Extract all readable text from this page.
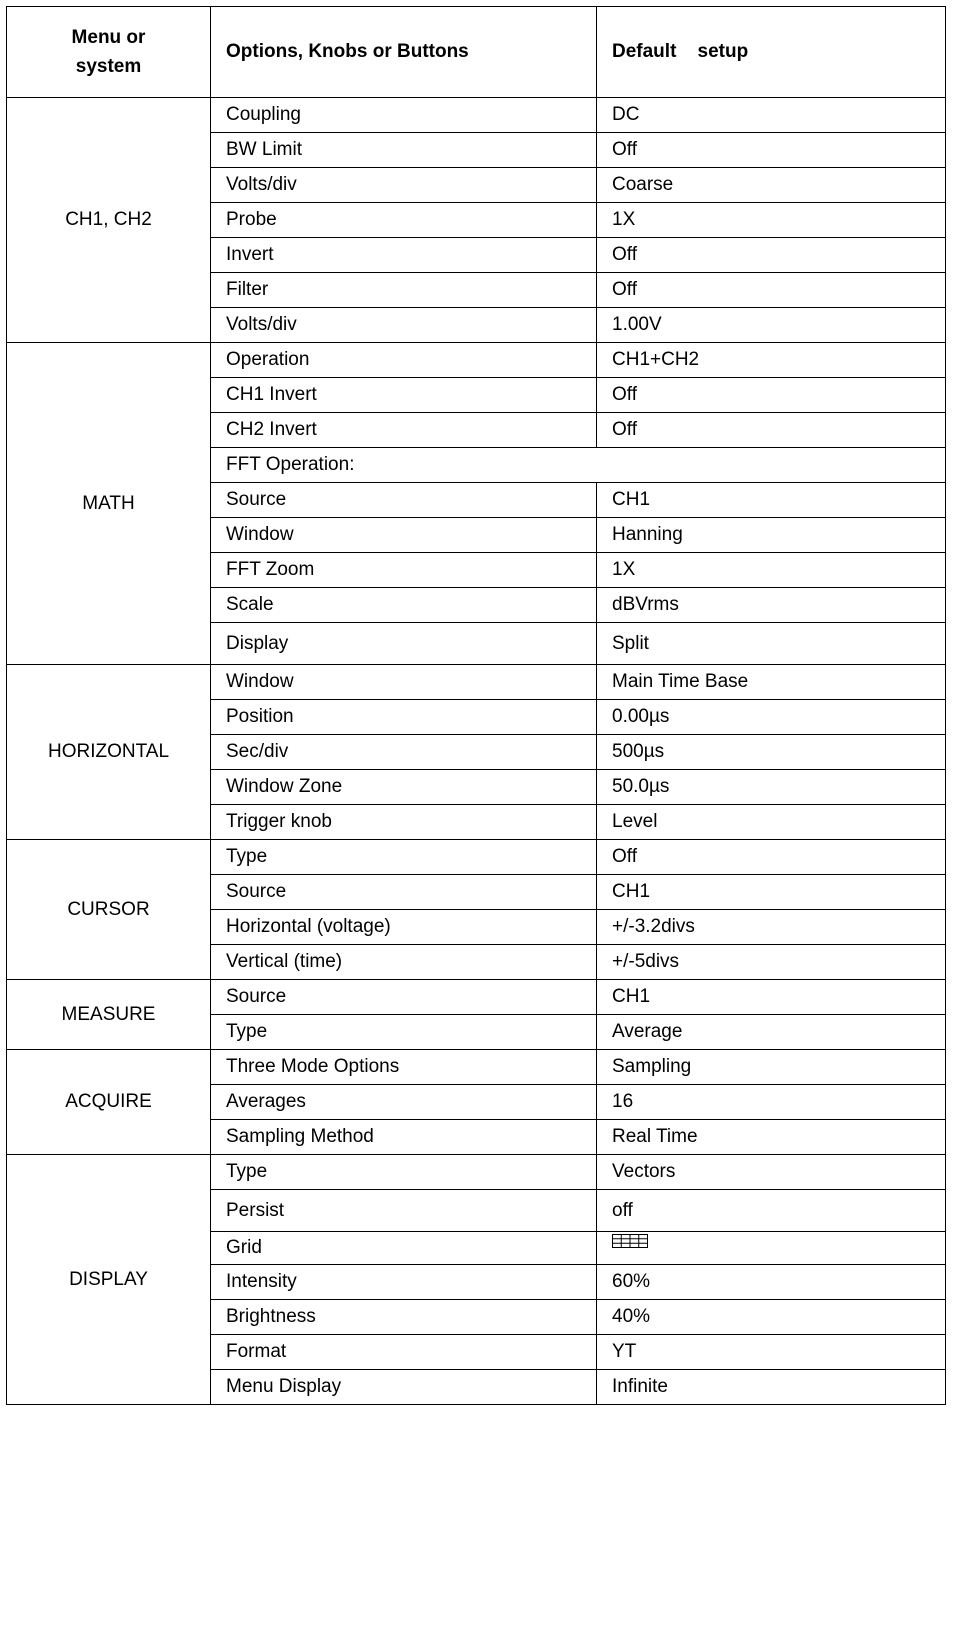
Menu or
system	Options, Knobs or Buttons	Default    setup
CH1, CH2	Coupling	DC
	BW Limit	Off
	Volts/div	Coarse
	Probe	1X
	Invert	Off
	Filter	Off
	Volts/div	1.00V
MATH	Operation	CH1+CH2
	CH1 Invert	Off
	CH2 Invert	Off
	FFT Operation:	
	Source	CH1
	Window	Hanning
	FFT Zoom	1X
	Scale	dBVrms
	Display	Split
HORIZONTAL	Window	Main Time Base
	Position	0.00µs
	Sec/div	500µs
	Window Zone	50.0µs
	Trigger knob	Level
CURSOR	Type	Off
	Source	CH1
	Horizontal (voltage)	+/-3.2divs
	Vertical (time)	+/-5divs
MEASURE	Source	CH1
	Type	Average
ACQUIRE	Three Mode Options	Sampling
	Averages	16
	Sampling Method	Real Time
DISPLAY	Type	Vectors
	Persist	off
	Grid	
	Intensity	60%
	Brightness	40%
	Format	YT
	Menu Display	Infinite
